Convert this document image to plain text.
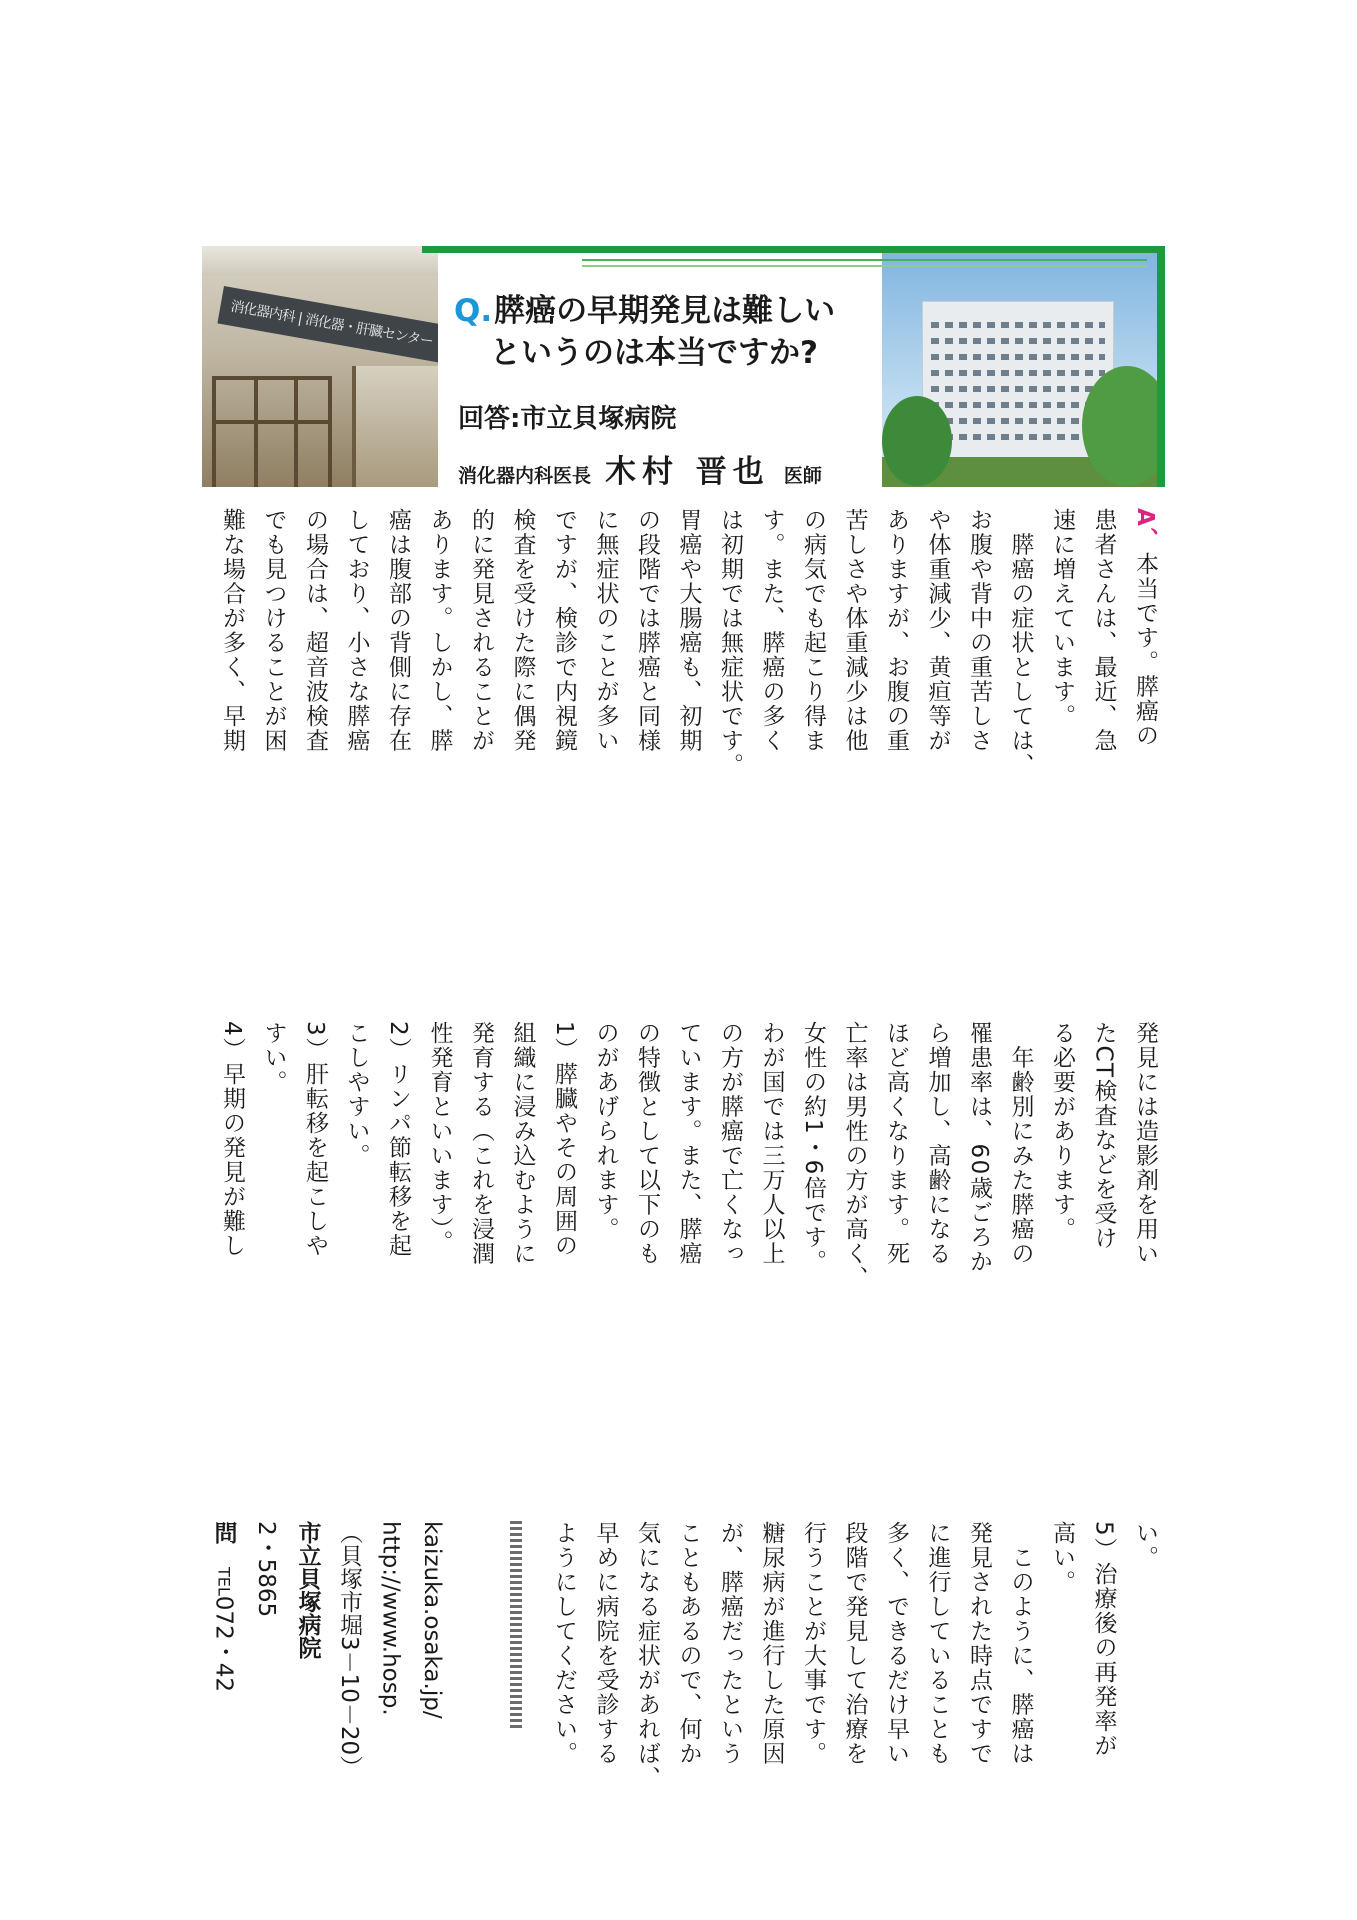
消化器内科 | 消化器・肝臓センター Q. 膵癌の早期発見は難しい
というのは本当ですか?
回答:市立貝塚病院
消化器内科医長 木村 晋也 医師
A、本当です。膵癌の
患者さんは、最近、急
速に増えています。
　膵癌の症状としては、
お腹や背中の重苦しさ
や体重減少、黄疸等が
ありますが、お腹の重
苦しさや体重減少は他
の病気でも起こり得ま
す。また、膵癌の多く
は初期では無症状です。
胃癌や大腸癌も、初期
の段階では膵癌と同様
に無症状のことが多い
ですが、検診で内視鏡
検査を受けた際に偶発
的に発見されることが
あります。しかし、膵
癌は腹部の背側に存在
しており、小さな膵癌
の場合は、超音波検査
でも見つけることが困
難な場合が多く、早期
発見には造影剤を用い
たCT検査などを受け
る必要があります。
　年齢別にみた膵癌の
罹患率は、60歳ごろか
ら増加し、高齢になる
ほど高くなります。死
亡率は男性の方が高く、
女性の約1・6倍です。
わが国では三万人以上
の方が膵癌で亡くなっ
ています。また、膵癌
の特徴として以下のも
のがあげられます。
1）膵臓やその周囲の
組織に浸み込むように
発育する（これを浸潤
性発育といいます）。
2）リンパ節転移を起
こしやすい。
3）肝転移を起こしや
すい。
4）早期の発見が難し
い。
5）治療後の再発率が
高い。
　このように、膵癌は
発見された時点ですで
に進行していることも
多く、できるだけ早い
段階で発見して治療を
行うことが大事です。
糖尿病が進行した原因
が、膵癌だったという
こともあるので、何か
気になる症状があれば、
早めに病院を受診する
ようにしてください。
kaizuka.osaka.jp/
http://www.hosp.
（貝塚市堀3－10－20）
市立貝塚病院
2・5865
問　TEL072・42
